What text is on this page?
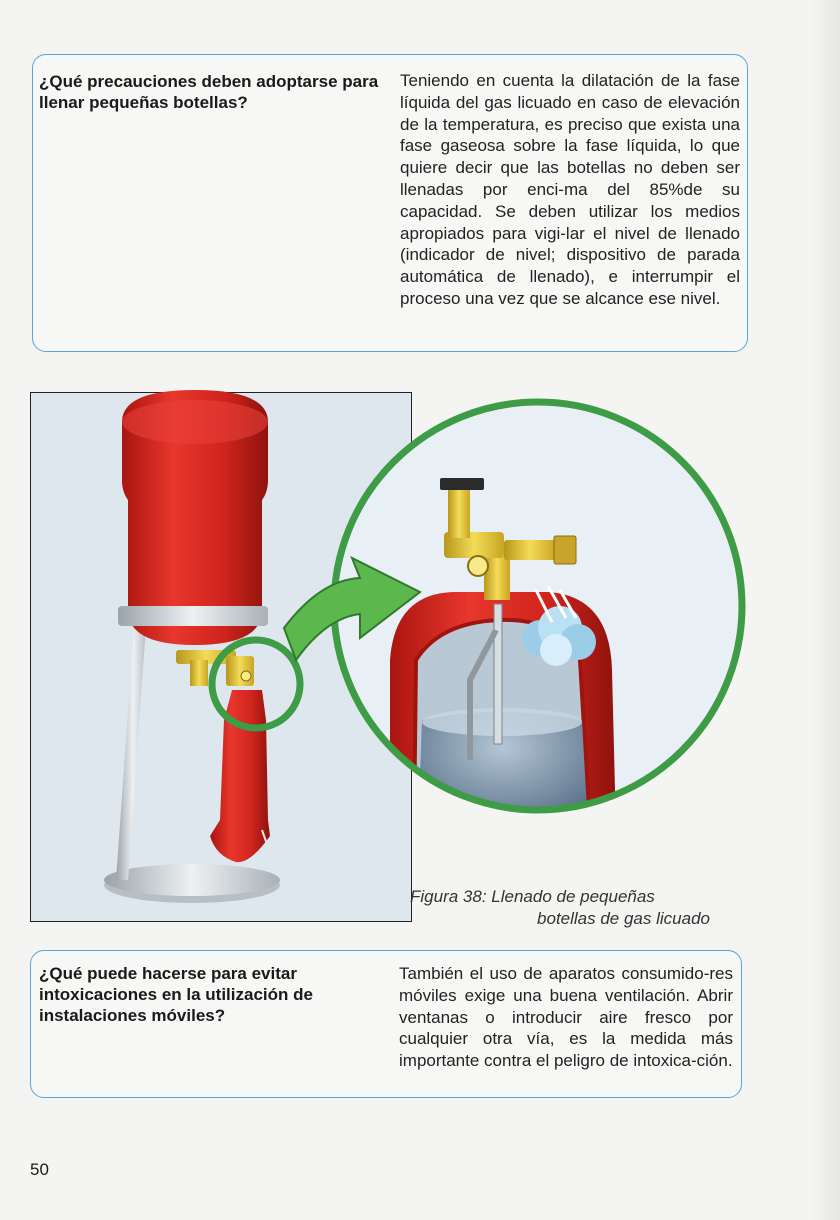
¿Qué precauciones deben adoptarse para llenar pequeñas botellas?

Teniendo en cuenta la dilatación de la fase líquida del gas licuado en caso de elevación de la temperatura, es preciso que exista una fase gaseosa sobre la fase líquida, lo que quiere decir que las botellas no deben ser llenadas por enci-ma del 85%de su capacidad. Se deben utilizar los medios apropiados para vigi-lar el nivel de llenado (indicador de nivel; dispositivo de parada automática de llenado), e interrumpir el proceso una vez que se alcance ese nivel.

Figura 38: Llenado de pequeñas
botellas de gas licuado

¿Qué puede hacerse para evitar intoxicaciones en la utilización de instalaciones móviles?

También el uso de aparatos consumido-res móviles exige una buena ventilación. Abrir ventanas o introducir aire fresco por cualquier otra vía, es la medida más importante contra el peligro de intoxica-ción.

50
